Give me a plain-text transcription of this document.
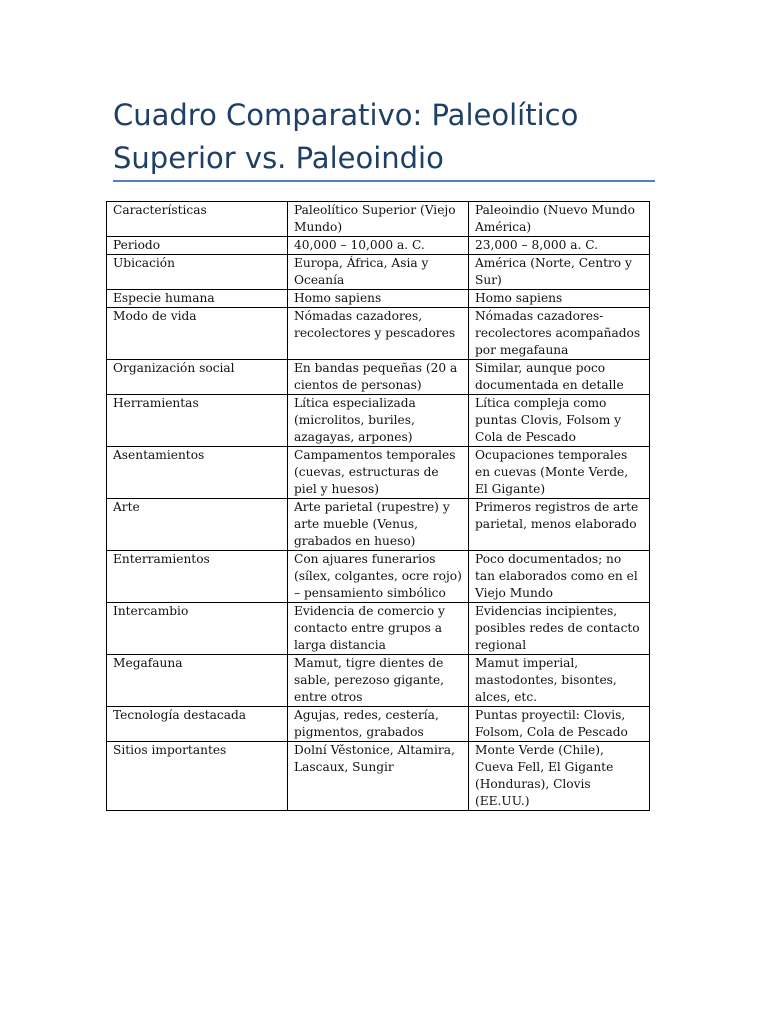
Cuadro Comparativo: Paleolítico Superior vs. Paleoindio
Características	Paleolítico Superior (Viejo Mundo)	Paleoindio (Nuevo Mundo América)
Periodo	40,000 – 10,000 a. C.	23,000 – 8,000 a. C.
Ubicación	Europa, África, Asia y Oceanía	América (Norte, Centro y Sur)
Especie humana	Homo sapiens	Homo sapiens
Modo de vida	Nómadas cazadores, recolectores y pescadores	Nómadas cazadores-recolectores acompañados por megafauna
Organización social	En bandas pequeñas (20 a cientos de personas)	Similar, aunque poco documentada en detalle
Herramientas	Lítica especializada (microlitos, buriles, azagayas, arpones)	Lítica compleja como puntas Clovis, Folsom y Cola de Pescado
Asentamientos	Campamentos temporales (cuevas, estructuras de piel y huesos)	Ocupaciones temporales en cuevas (Monte Verde, El Gigante)
Arte	Arte parietal (rupestre) y arte mueble (Venus, grabados en hueso)	Primeros registros de arte parietal, menos elaborado
Enterramientos	Con ajuares funerarios (sílex, colgantes, ocre rojo) – pensamiento simbólico	Poco documentados; no tan elaborados como en el Viejo Mundo
Intercambio	Evidencia de comercio y contacto entre grupos a larga distancia	Evidencias incipientes, posibles redes de contacto regional
Megafauna	Mamut, tigre dientes de sable, perezoso gigante, entre otros	Mamut imperial, mastodontes, bisontes, alces, etc.
Tecnología destacada	Agujas, redes, cestería, pigmentos, grabados	Puntas proyectil: Clovis, Folsom, Cola de Pescado
Sitios importantes	Dolní Věstonice, Altamira, Lascaux, Sungir	Monte Verde (Chile), Cueva Fell, El Gigante (Honduras), Clovis (EE.UU.)
